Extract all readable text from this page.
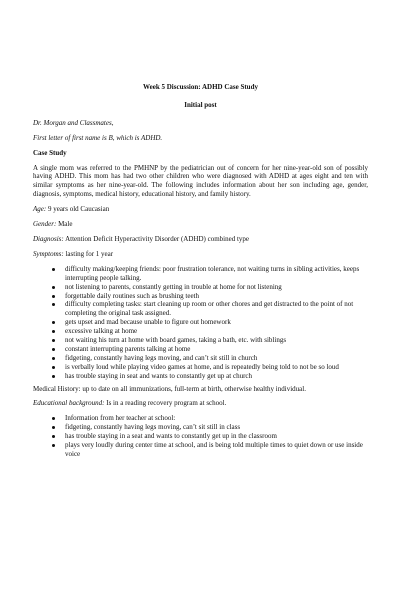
Week 5 Discussion: ADHD Case Study
Initial post
Dr. Morgan and Classmates,
First letter of first name is B, which is ADHD.
Case Study
A single mom was referred to the PMHNP by the pediatrician out of concern for her nine-year-old son of possibly having ADHD. This mom has had two other children who were diagnosed with ADHD at ages eight and ten with similar symptoms as her nine-year-old. The following includes information about her son including age, gender, diagnosis, symptoms, medical history, educational history, and family history.
Age: 9 years old Caucasian
Gender: Male
Diagnosis: Attention Deficit Hyperactivity Disorder (ADHD) combined type
Symptoms: lasting for 1 year
difficulty making/keeping friends: poor frustration tolerance, not waiting turns in sibling activities, keeps interrupting people talking.
not listening to parents, constantly getting in trouble at home for not listening
forgettable daily routines such as brushing teeth
difficulty completing tasks: start cleaning up room or other chores and get distracted to the point of not completing the original task assigned.
gets upset and mad because unable to figure out homework
excessive talking at home
not waiting his turn at home with board games, taking a bath, etc. with siblings
constant interrupting parents talking at home
fidgeting, constantly having legs moving, and can’t sit still in church
is verbally loud while playing video games at home, and is repeatedly being told to not be so loud
has trouble staying in seat and wants to constantly get up at church
Medical History: up to date on all immunizations, full-term at birth, otherwise healthy individual.
Educational background: Is in a reading recovery program at school.
Information from her teacher at school:
fidgeting, constantly having legs moving, can’t sit still in class
has trouble staying in a seat and wants to constantly get up in the classroom
plays very loudly during center time at school, and is being told multiple times to quiet down or use inside voice
